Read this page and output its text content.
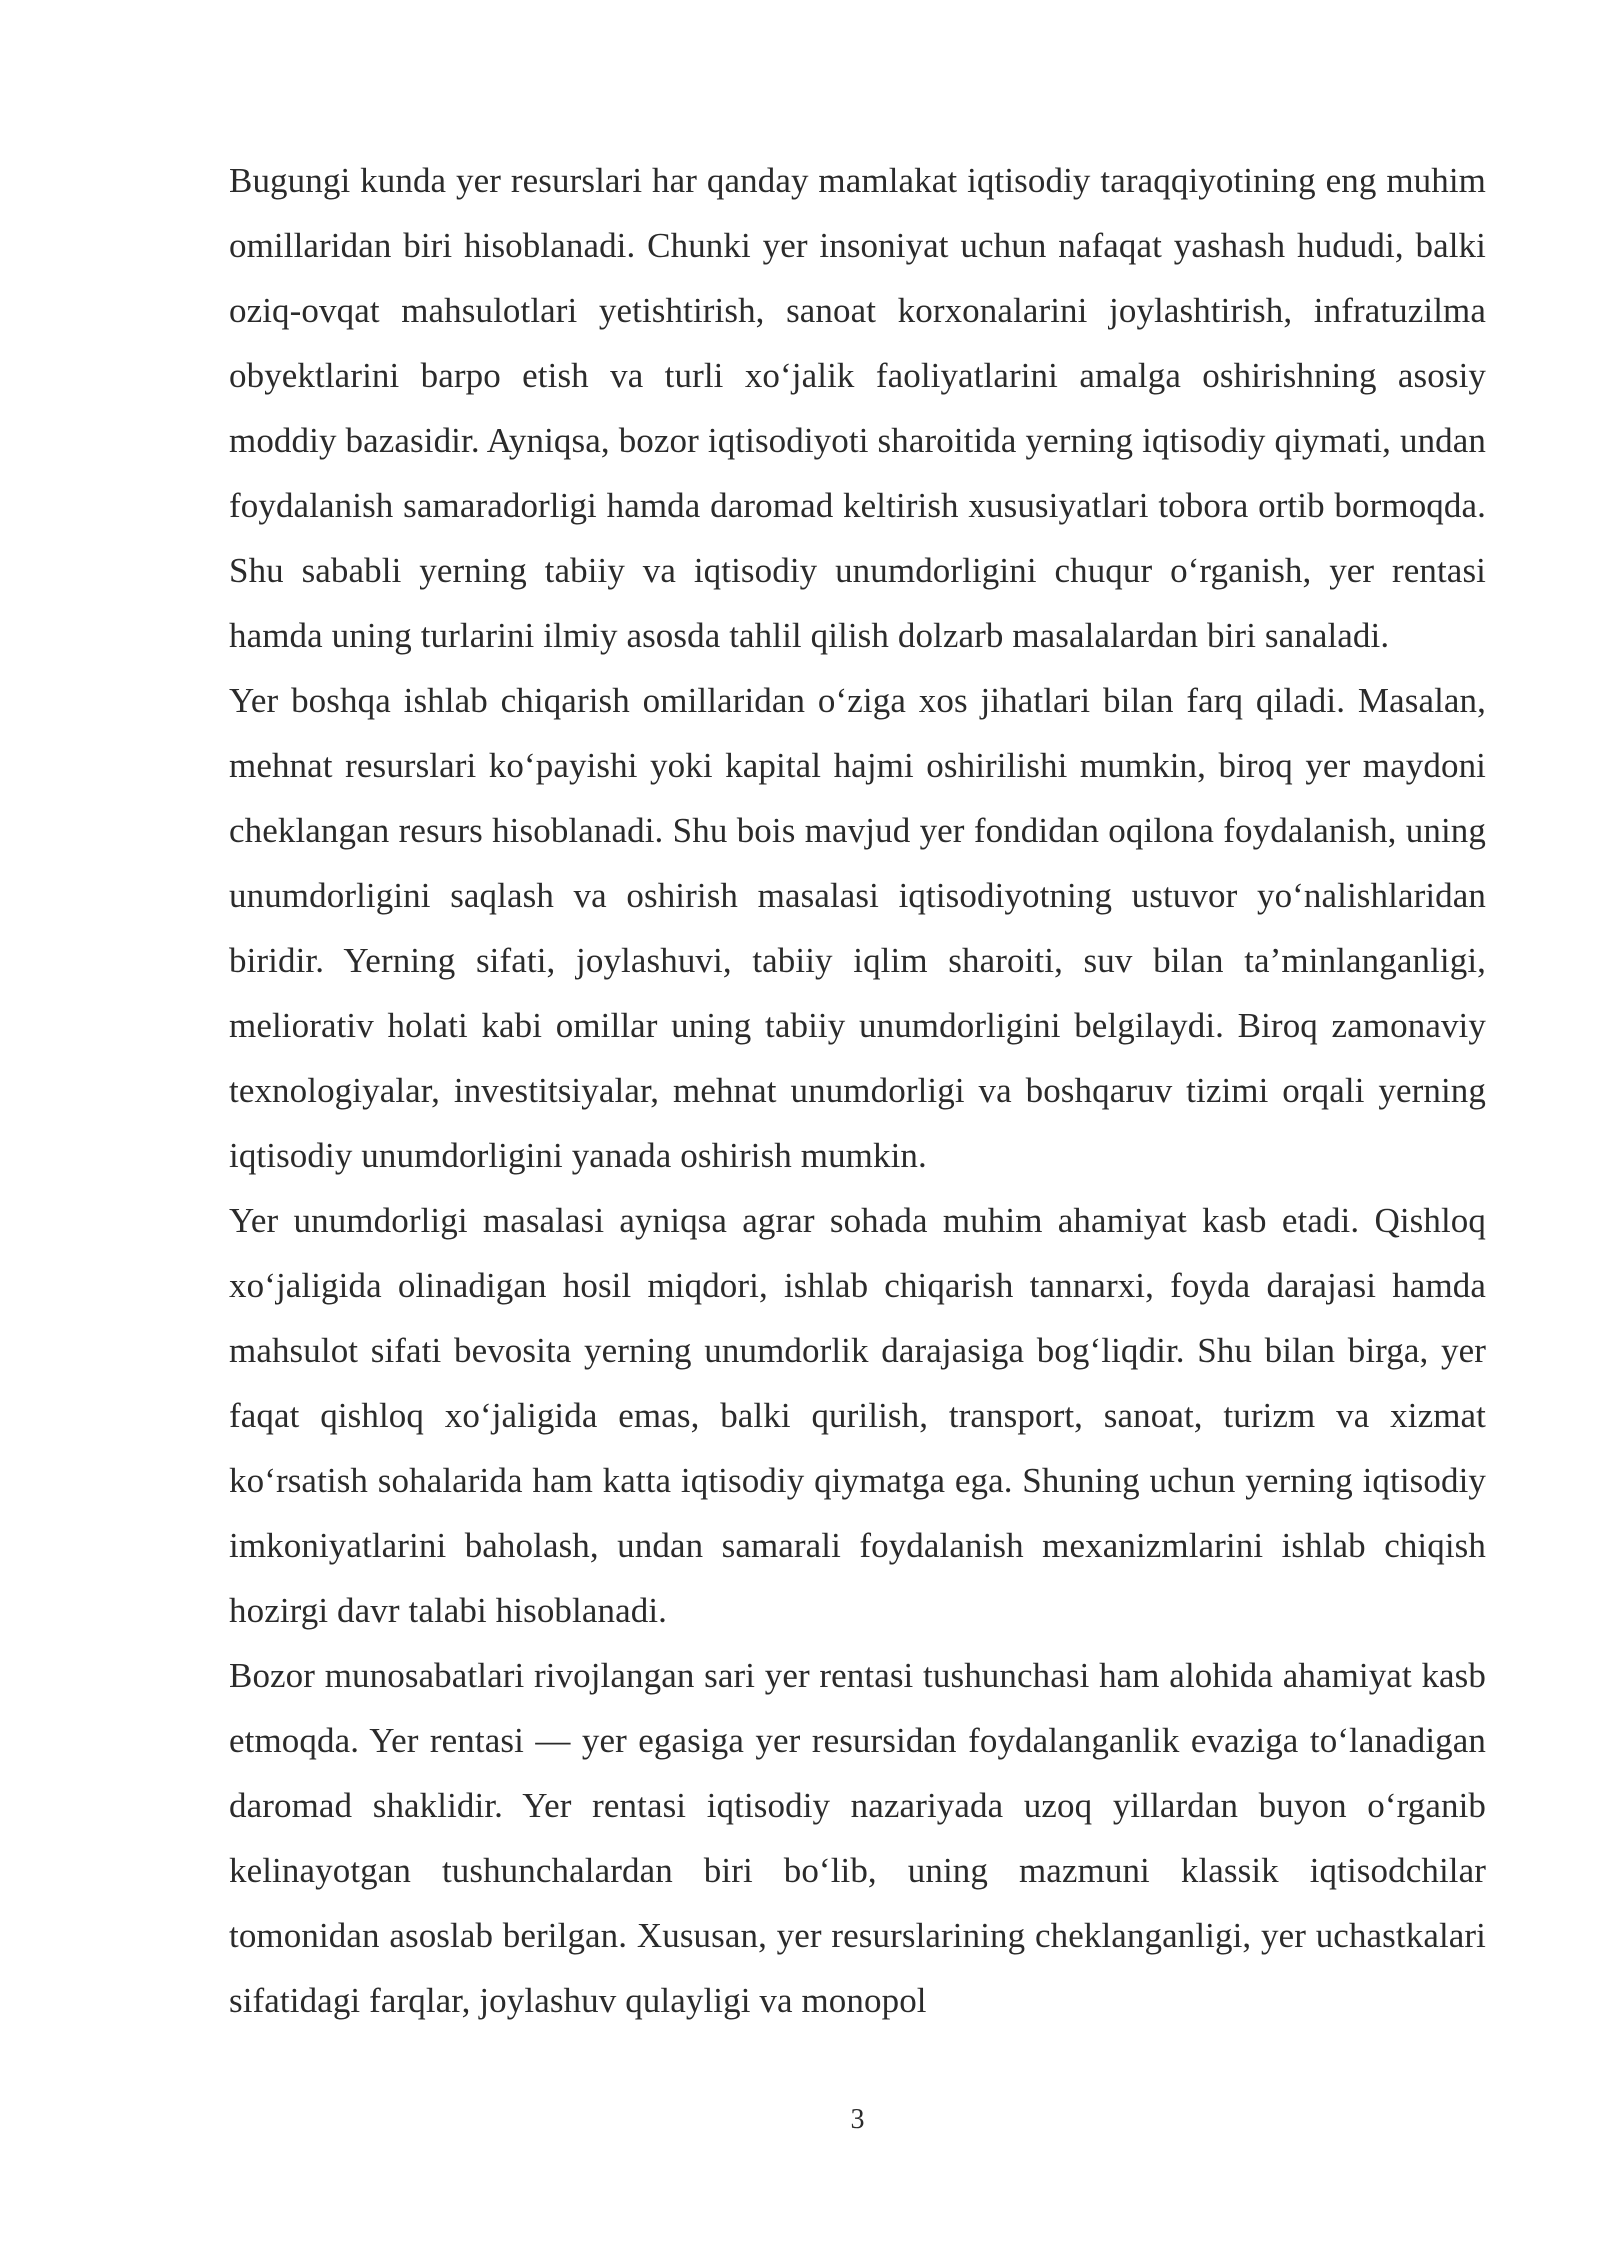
Bugungi kunda yer resurslari har qanday mamlakat iqtisodiy taraqqiyotining eng muhim omillaridan biri hisoblanadi. Chunki yer insoniyat uchun nafaqat yashash hududi, balki oziq-ovqat mahsulotlari yetishtirish, sanoat korxonalarini joylashtirish, infratuzilma obyektlarini barpo etish va turli xo‘jalik faoliyatlarini amalga oshirishning asosiy moddiy bazasidir. Ayniqsa, bozor iqtisodiyoti sharoitida yerning iqtisodiy qiymati, undan foydalanish samaradorligi hamda daromad keltirish xususiyatlari tobora ortib bormoqda. Shu sababli yerning tabiiy va iqtisodiy unumdorligini chuqur o‘rganish, yer rentasi hamda uning turlarini ilmiy asosda tahlil qilish dolzarb masalalardan biri sanaladi.

Yer boshqa ishlab chiqarish omillaridan o‘ziga xos jihatlari bilan farq qiladi. Masalan, mehnat resurslari ko‘payishi yoki kapital hajmi oshirilishi mumkin, biroq yer maydoni cheklangan resurs hisoblanadi. Shu bois mavjud yer fondidan oqilona foydalanish, uning unumdorligini saqlash va oshirish masalasi iqtisodiyotning ustuvor yo‘nalishlaridan biridir. Yerning sifati, joylashuvi, tabiiy iqlim sharoiti, suv bilan ta’minlanganligi, meliorativ holati kabi omillar uning tabiiy unumdorligini belgilaydi. Biroq zamonaviy texnologiyalar, investitsiyalar, mehnat unumdorligi va boshqaruv tizimi orqali yerning iqtisodiy unumdorligini yanada oshirish mumkin.

Yer unumdorligi masalasi ayniqsa agrar sohada muhim ahamiyat kasb etadi. Qishloq xo‘jaligida olinadigan hosil miqdori, ishlab chiqarish tannarxi, foyda darajasi hamda mahsulot sifati bevosita yerning unumdorlik darajasiga bog‘liqdir. Shu bilan birga, yer faqat qishloq xo‘jaligida emas, balki qurilish, transport, sanoat, turizm va xizmat ko‘rsatish sohalarida ham katta iqtisodiy qiymatga ega. Shuning uchun yerning iqtisodiy imkoniyatlarini baholash, undan samarali foydalanish mexanizmlarini ishlab chiqish hozirgi davr talabi hisoblanadi.

Bozor munosabatlari rivojlangan sari yer rentasi tushunchasi ham alohida ahamiyat kasb etmoqda. Yer rentasi — yer egasiga yer resursidan foydalanganlik evaziga to‘lanadigan daromad shaklidir. Yer rentasi iqtisodiy nazariyada uzoq yillardan buyon o‘rganib kelinayotgan tushunchalardan biri bo‘lib, uning mazmuni klassik iqtisodchilar tomonidan asoslab berilgan. Xususan, yer resurslarining cheklanganligi, yer uchastkalari sifatidagi farqlar, joylashuv qulayligi va monopol

3
